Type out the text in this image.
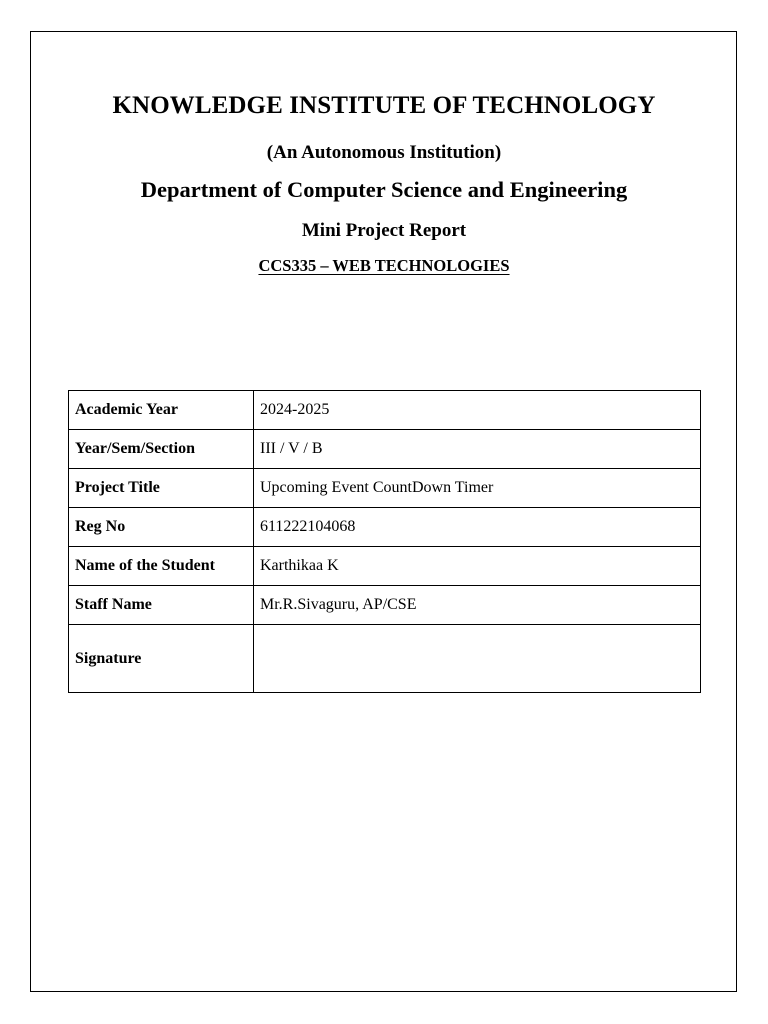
KNOWLEDGE INSTITUTE OF TECHNOLOGY
(An Autonomous Institution)
Department of Computer Science and Engineering
Mini Project Report
CCS335 – WEB TECHNOLOGIES
Academic Year	2024-2025
Year/Sem/Section	III / V / B
Project Title	Upcoming Event CountDown Timer
Reg No	611222104068
Name of the Student	Karthikaa K
Staff Name	Mr.R.Sivaguru, AP/CSE
Signature	
